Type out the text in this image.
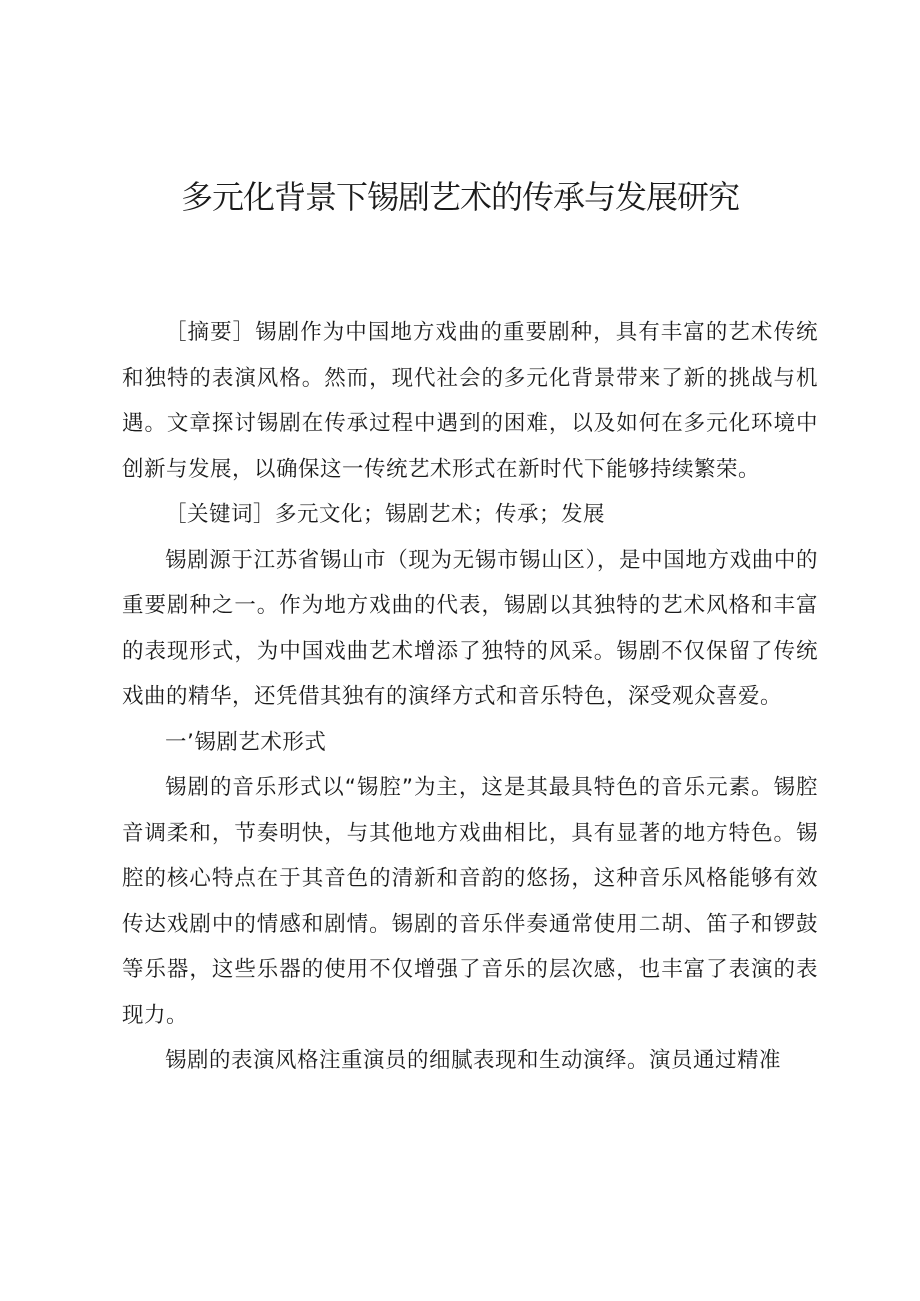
多元化背景下锡剧艺术的传承与发展研究

［摘要］锡剧作为中国地方戏曲的重要剧种，具有丰富的艺术传统和独特的表演风格。然而，现代社会的多元化背景带来了新的挑战与机遇。文章探讨锡剧在传承过程中遇到的困难，以及如何在多元化环境中创新与发展，以确保这一传统艺术形式在新时代下能够持续繁荣。

［关键词］多元文化；锡剧艺术；传承；发展

锡剧源于江苏省锡山市（现为无锡市锡山区），是中国地方戏曲中的重要剧种之一。作为地方戏曲的代表，锡剧以其独特的艺术风格和丰富的表现形式，为中国戏曲艺术增添了独特的风采。锡剧不仅保留了传统戏曲的精华，还凭借其独有的演绎方式和音乐特色，深受观众喜爱。

一’锡剧艺术形式

锡剧的音乐形式以“锡腔”为主，这是其最具特色的音乐元素。锡腔音调柔和，节奏明快，与其他地方戏曲相比，具有显著的地方特色。锡腔的核心特点在于其音色的清新和音韵的悠扬，这种音乐风格能够有效传达戏剧中的情感和剧情。锡剧的音乐伴奏通常使用二胡、笛子和锣鼓等乐器，这些乐器的使用不仅增强了音乐的层次感，也丰富了表演的表现力。

锡剧的表演风格注重演员的细腻表现和生动演绎。演员通过精准
